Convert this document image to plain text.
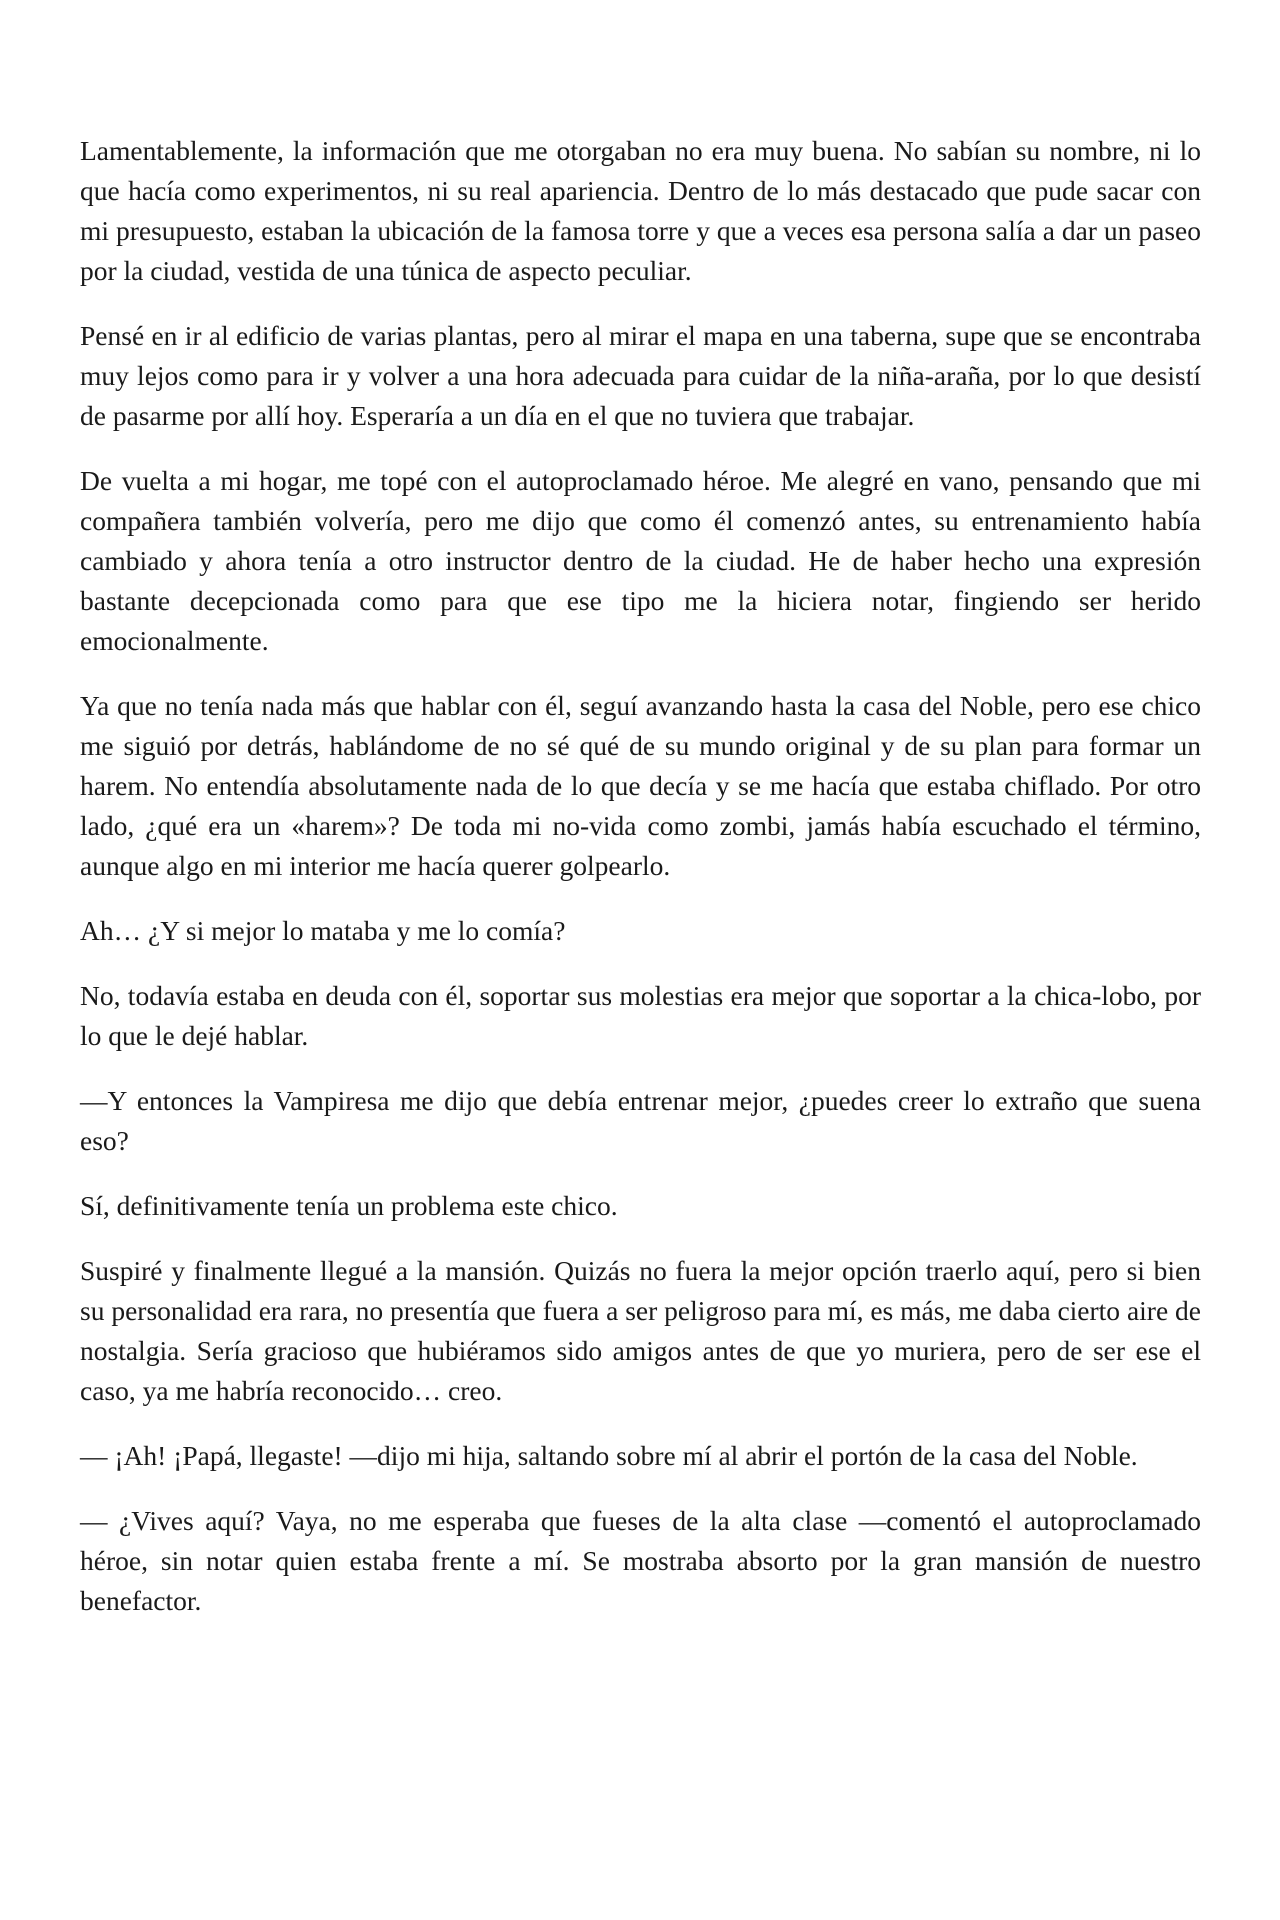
Lamentablemente, la información que me otorgaban no era muy buena. No sabían su nombre, ni lo que hacía como experimentos, ni su real apariencia. Dentro de lo más destacado que pude sacar con mi presupuesto, estaban la ubicación de la famosa torre y que a veces esa persona salía a dar un paseo por la ciudad, vestida de una túnica de aspecto peculiar.

Pensé en ir al edificio de varias plantas, pero al mirar el mapa en una taberna, supe que se encontraba muy lejos como para ir y volver a una hora adecuada para cuidar de la niña-araña, por lo que desistí de pasarme por allí hoy. Esperaría a un día en el que no tuviera que trabajar.

De vuelta a mi hogar, me topé con el autoproclamado héroe. Me alegré en vano, pensando que mi compañera también volvería, pero me dijo que como él comenzó antes, su entrenamiento había cambiado y ahora tenía a otro instructor dentro de la ciudad. He de haber hecho una expresión bastante decepcionada como para que ese tipo me la hiciera notar, fingiendo ser herido emocionalmente.

Ya que no tenía nada más que hablar con él, seguí avanzando hasta la casa del Noble, pero ese chico me siguió por detrás, hablándome de no sé qué de su mundo original y de su plan para formar un harem. No entendía absolutamente nada de lo que decía y se me hacía que estaba chiflado. Por otro lado, ¿qué era un «harem»? De toda mi no-vida como zombi, jamás había escuchado el término, aunque algo en mi interior me hacía querer golpearlo.

Ah… ¿Y si mejor lo mataba y me lo comía?

No, todavía estaba en deuda con él, soportar sus molestias era mejor que soportar a la chica-lobo, por lo que le dejé hablar.

—Y entonces la Vampiresa me dijo que debía entrenar mejor, ¿puedes creer lo extraño que suena eso?

Sí, definitivamente tenía un problema este chico.

Suspiré y finalmente llegué a la mansión. Quizás no fuera la mejor opción traerlo aquí, pero si bien su personalidad era rara, no presentía que fuera a ser peligroso para mí, es más, me daba cierto aire de nostalgia. Sería gracioso que hubiéramos sido amigos antes de que yo muriera, pero de ser ese el caso, ya me habría reconocido… creo.

— ¡Ah! ¡Papá, llegaste! —dijo mi hija, saltando sobre mí al abrir el portón de la casa del Noble.

— ¿Vives aquí? Vaya, no me esperaba que fueses de la alta clase —comentó el autoproclamado héroe, sin notar quien estaba frente a mí. Se mostraba absorto por la gran mansión de nuestro benefactor.
